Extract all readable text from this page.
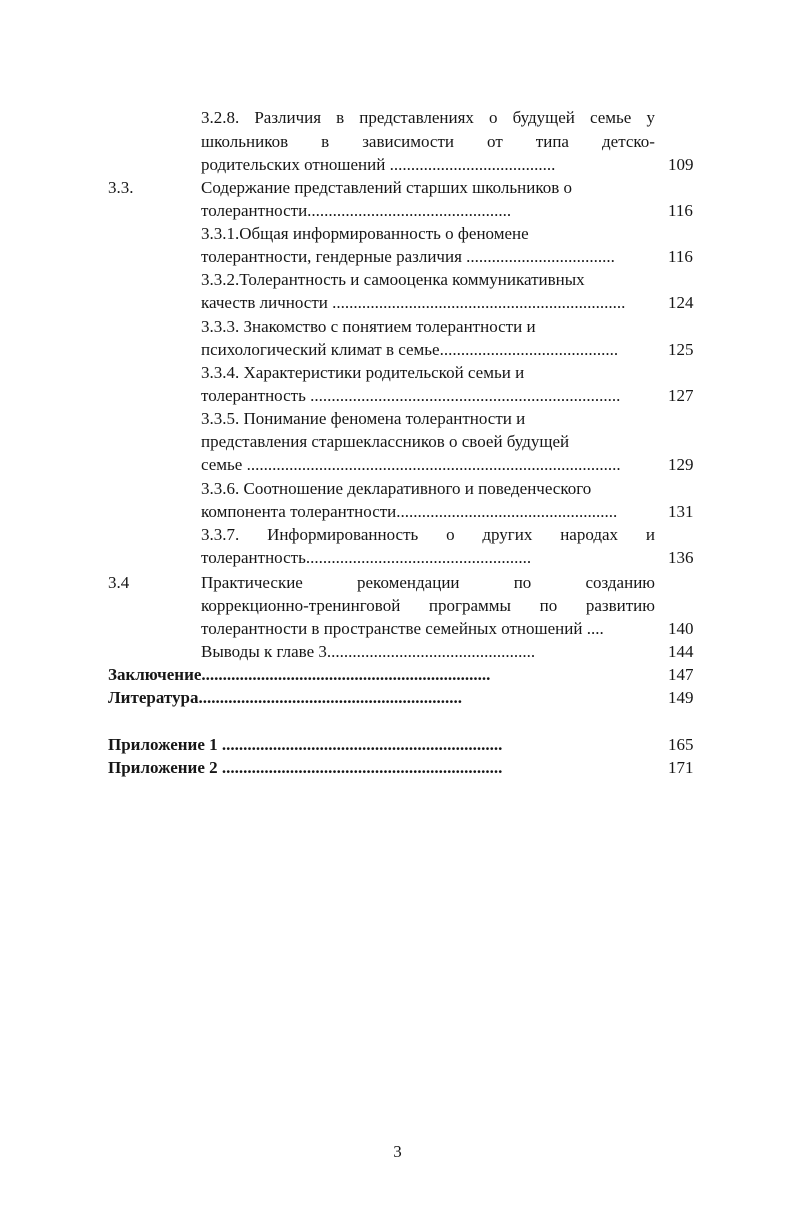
3.2.8. Различия в представлениях о будущей семье у
школьников в зависимости от типа детско-
родительских отношений .......................................	109
3.3.	Содержание представлений старших школьников о
толерантности................................................	116
3.3.1.Общая информированность о феномене
толерантности, гендерные различия ...................................	116
3.3.2.Толерантность и самооценка коммуникативных
качеств личности .....................................................................	124
3.3.3. Знакомство с понятием толерантности и
психологический климат в семье..........................................	125
3.3.4. Характеристики родительской семьи и
толерантность .........................................................................	127
3.3.5. Понимание феномена толерантности и
представления старшеклассников о своей будущей
семье ........................................................................................	129
3.3.6. Соотношение декларативного и поведенческого
компонента толерантности....................................................	131
3.3.7. Информированность о других народах и
толерантность.....................................................	136
3.4	Практические	рекомендации	по	созданию
коррекционно-тренинговой программы по развитию
толерантности в пространстве семейных отношений ....	140
Выводы к главе 3.................................................	144
Заключение....................................................................	147
Литература..............................................................	149
Приложение 1 ..................................................................	165
Приложение 2 ..................................................................	171
3
